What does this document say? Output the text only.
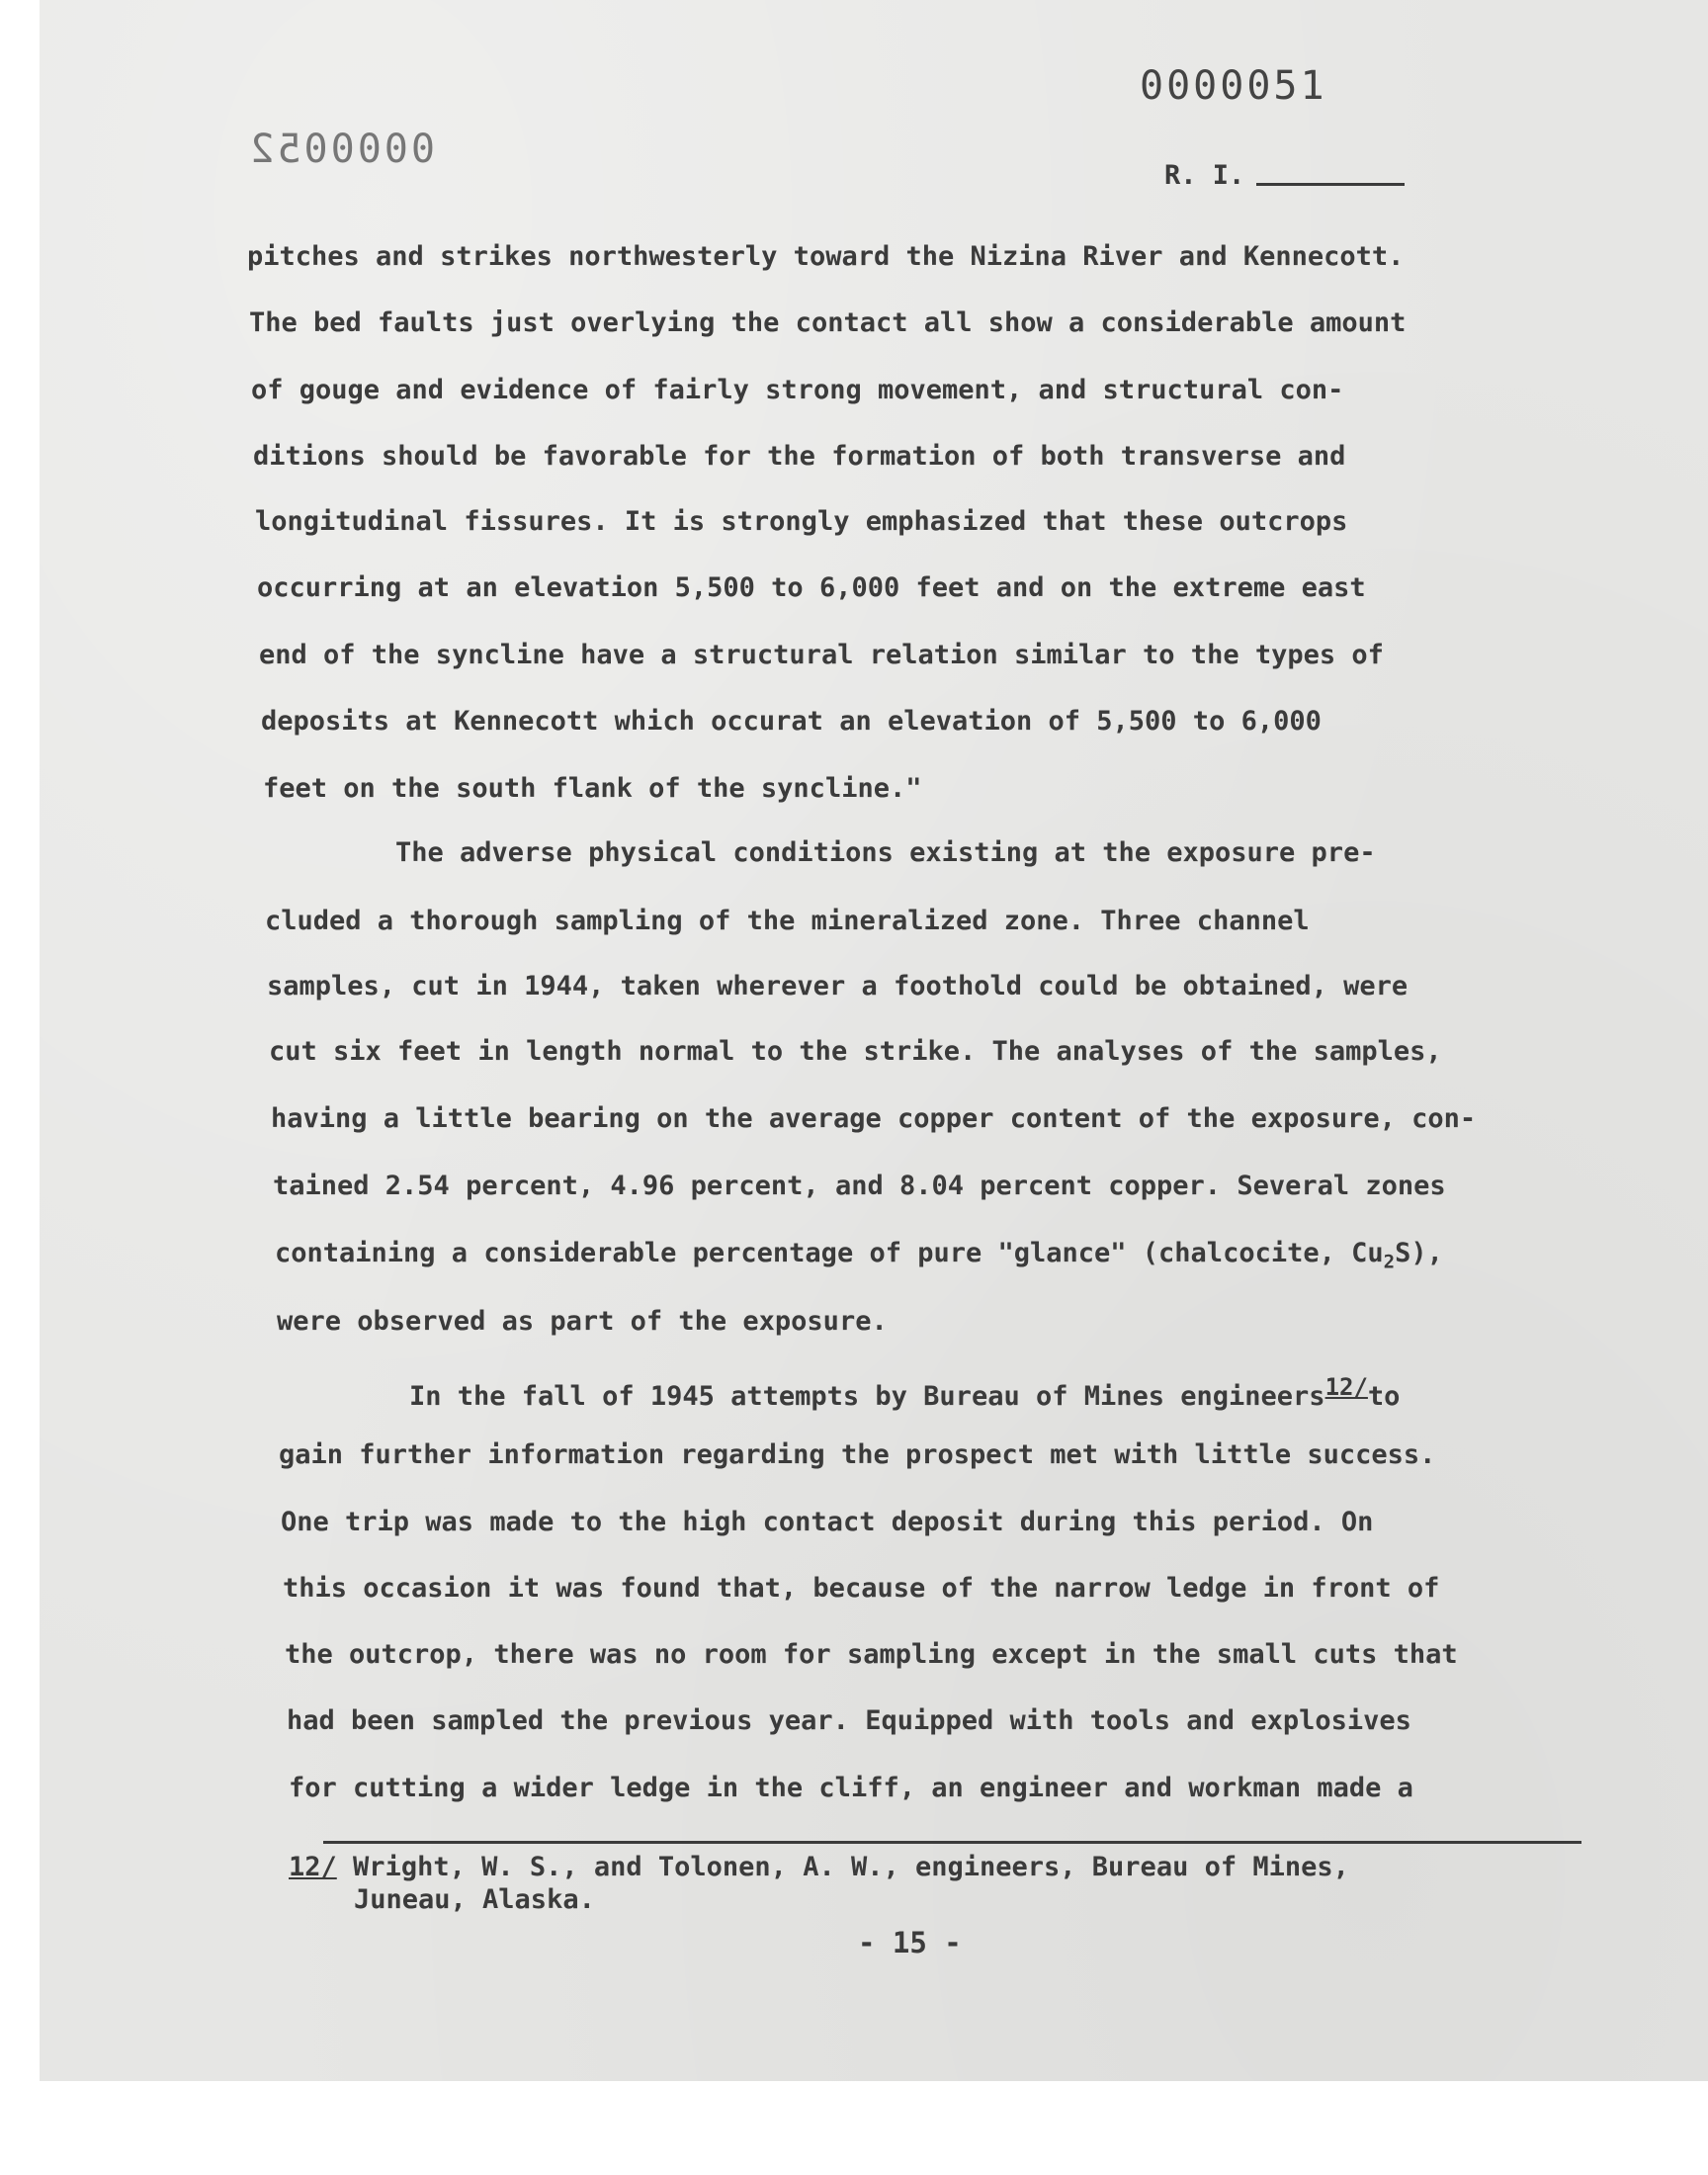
0000051
0000052
R. I.
pitches and strikes northwesterly toward the Nizina River and Kennecott.
The bed faults just overlying the contact all show a considerable amount
of gouge and evidence of fairly strong movement, and structural con-
ditions should be favorable for the formation of both transverse and
longitudinal fissures. It is strongly emphasized that these outcrops
occurring at an elevation 5,500 to 6,000 feet and on the extreme east
end of the syncline have a structural relation similar to the types of
deposits at Kennecott which occurat an elevation of 5,500 to 6,000
feet on the south flank of the syncline."
The adverse physical conditions existing at the exposure pre-
cluded a thorough sampling of the mineralized zone. Three channel
samples, cut in 1944, taken wherever a foothold could be obtained, were
cut six feet in length normal to the strike. The analyses of the samples,
having a little bearing on the average copper content of the exposure, con-
tained 2.54 percent, 4.96 percent, and 8.04 percent copper. Several zones
containing a considerable percentage of pure "glance" (chalcocite, $Cu_2S$),
were observed as part of the exposure.
In the fall of 1945 attempts by Bureau of Mines engineers$^{12/}$to
gain further information regarding the prospect met with little success.
One trip was made to the high contact deposit during this period. On
this occasion it was found that, because of the narrow ledge in front of
the outcrop, there was no room for sampling except in the small cuts that
had been sampled the previous year. Equipped with tools and explosives
for cutting a wider ledge in the cliff, an engineer and workman made a
12/ Wright, W. S., and Tolonen, A. W., engineers, Bureau of Mines,
Juneau, Alaska.
- 15 -
